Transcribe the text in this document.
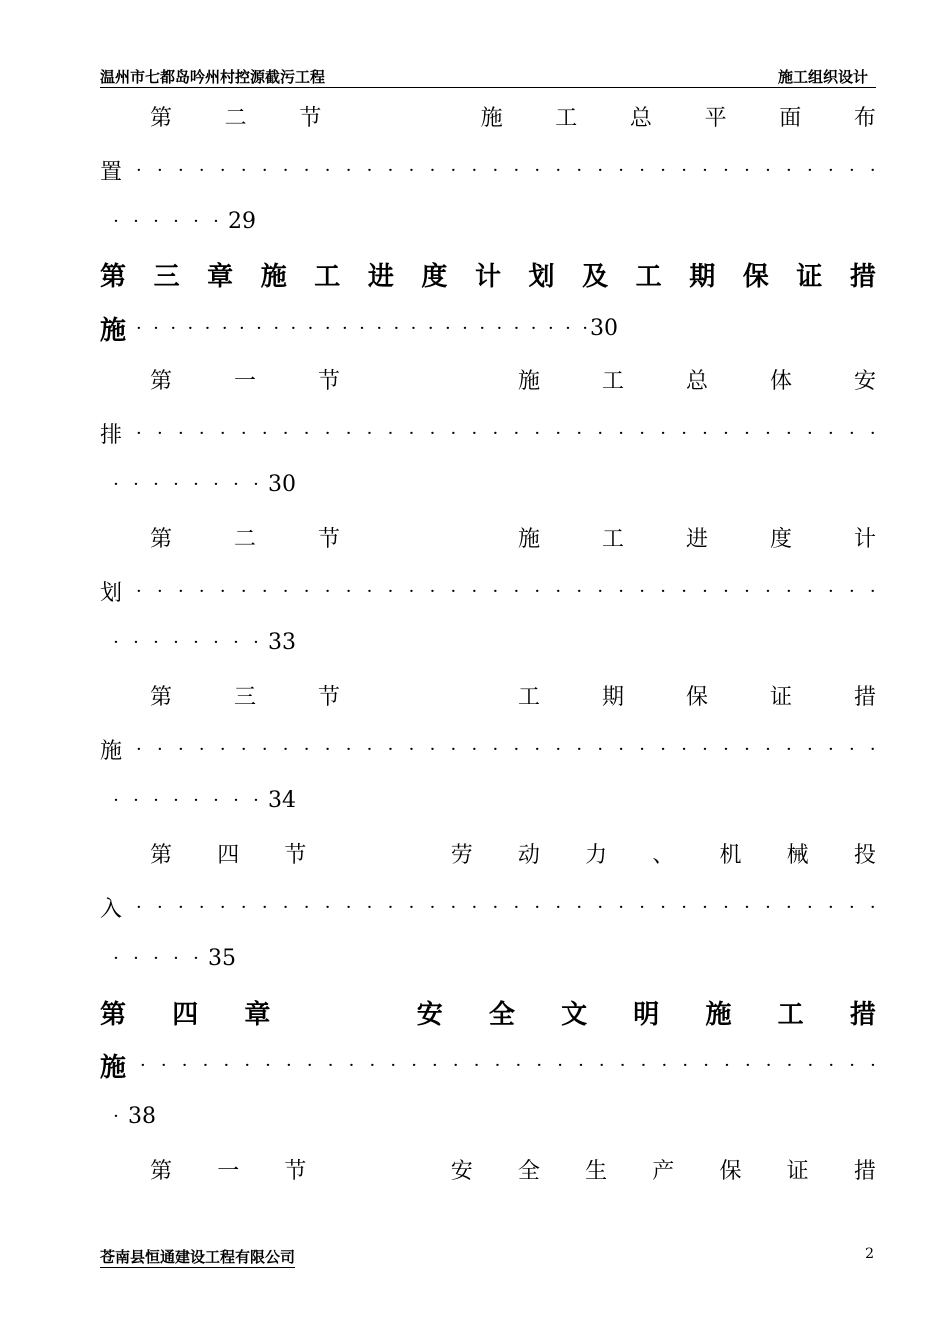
温州市七都岛吟州村控源截污工程	施工组织设计
第 二 节	施 工 总 平 面 布
置 · · · · · · · · · · · · · · · · · · · · · · · · · · · · · · · · · · · ·
· · · · · · 29
第 三 章 施 工 进 度 计 划 及 工 期 保 证 措
施 ·  ·  ·  ·  ·  ·  ·  ·  ·  ·  ·  ·  ·  ·  ·  ·  ·  ·  ·  ·  ·  ·  ·  ·  ·  ·  · 30
第	一	节	施	工	总	体	安
排 · · · · · · · · · · · · · · · · · · · · · · · · · · · · · · · · · · · ·
· · · · · · · · 30
第	二	节	施	工	进	度	计
划 · · · · · · · · · · · · · · · · · · · · · · · · · · · · · · · · · · · ·
· · · · · · · · 33
第	三	节	工	期	保	证	措
施 · · · · · · · · · · · · · · · · · · · · · · · · · · · · · · · · · · · ·
· · · · · · · · 34
第 四 节	劳 动 力 、 机 械 投
入 · · · · · · · · · · · · · · · · · · · · · · · · · · · · · · · · · · · ·
· · · · · 35
第 四 章	安 全 文 明 施 工 措
施 · · · · · · · · · · · · · · · · · · · · · · · · · · · · · · · · · · · ·
· 38
第 一 节	安 全 生 产 保 证 措
苍南县恒通建设工程有限公司	2
